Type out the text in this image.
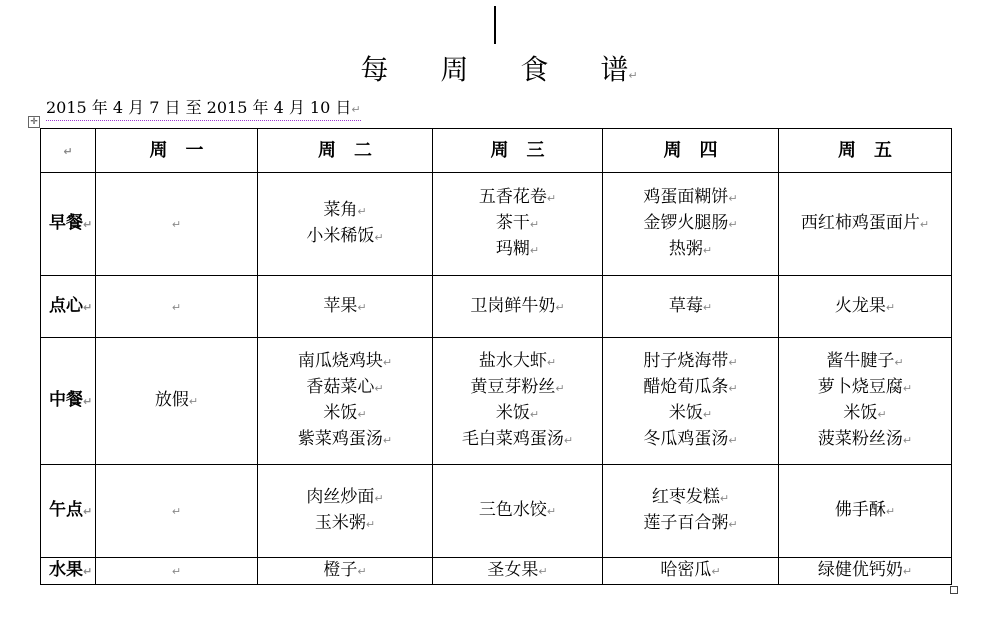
每 周 食 谱↵
2015 年 4 月 7 日 至 2015 年 4 月 10 日↵
✛
↵	周　一	周　二	周　三	周　四	周　五
早餐↵	↵	菜角↵
小米稀饭↵	五香花卷↵
茶干↵
玛糊↵	鸡蛋面糊饼↵
金锣火腿肠↵
热粥↵	西红柿鸡蛋面片↵

点心↵	↵	苹果↵	卫岗鲜牛奶↵	草莓↵	火龙果↵

中餐↵	放假↵	南瓜烧鸡块↵
香菇菜心↵
米饭↵
紫菜鸡蛋汤↵	盐水大虾↵
黄豆芽粉丝↵
米饭↵
毛白菜鸡蛋汤↵	肘子烧海带↵
醋炝荀瓜条↵
米饭↵
冬瓜鸡蛋汤↵	酱牛腱子↵
萝卜烧豆腐↵
米饭↵
菠菜粉丝汤↵

午点↵	↵	肉丝炒面↵
玉米粥↵	三色水饺↵	红枣发糕↵
莲子百合粥↵	佛手酥↵

水果↵	↵	橙子↵	圣女果↵	哈密瓜↵	绿健优钙奶↵
